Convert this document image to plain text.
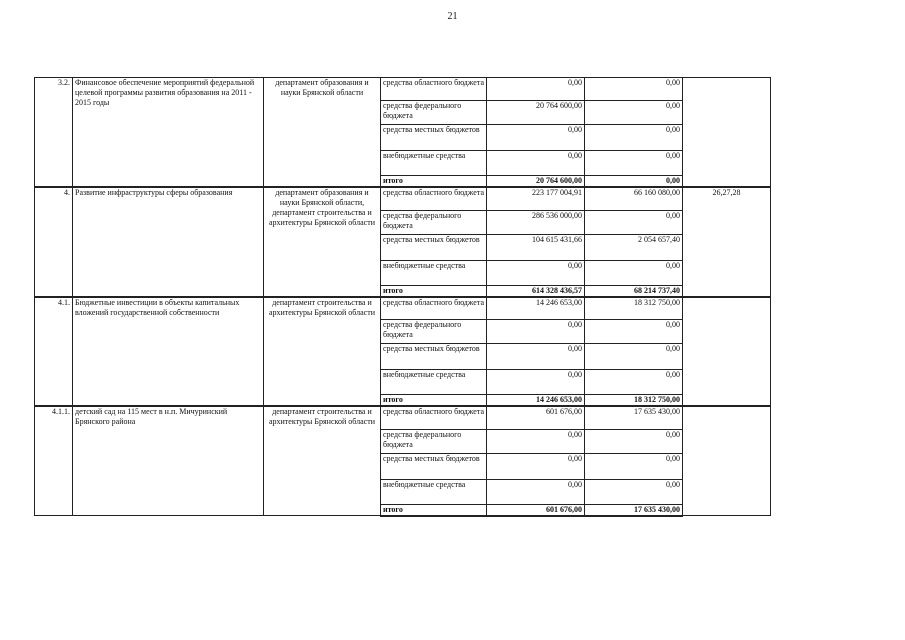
21
3.2.	Финансовое обеспечение мероприятий федеральной целевой программы развития образования на 2011 - 2015 годы	департамент образования и науки Брянской области	средства областного бюджета	0,00	0,00	
			средства федерального бюджета	20 764 600,00	0,00	
			средства местных бюджетов	0,00	0,00	
			внебюджетные средства	0,00	0,00	
			итого	20 764 600,00	0,00	
4.	Развитие инфраструктуры сферы образования	департамент образования и науки Брянской области, департамент строительства и архитектуры Брянской области	средства областного бюджета	223 177 004,91	66 160 080,00	26,27,28
			средства федерального бюджета	286 536 000,00	0,00	
			средства местных бюджетов	104 615 431,66	2 054 657,40	
			внебюджетные средства	0,00	0,00	
			итого	614 328 436,57	68 214 737,40	
4.1.	Бюджетные инвестиции в объекты капитальных вложений государственной собственности	департамент строительства и архитектуры Брянской области	средства областного бюджета	14 246 653,00	18 312 750,00	
			средства федерального бюджета	0,00	0,00	
			средства местных бюджетов	0,00	0,00	
			внебюджетные средства	0,00	0,00	
			итого	14 246 653,00	18 312 750,00	
4.1.1.	детский сад на 115 мест в н.п. Мичуринский Брянского района	департамент строительства и архитектуры Брянской области	средства областного бюджета	601 676,00	17 635 430,00	
			средства федерального бюджета	0,00	0,00	
			средства местных бюджетов	0,00	0,00	
			внебюджетные средства	0,00	0,00	
			итого	601 676,00	17 635 430,00	
